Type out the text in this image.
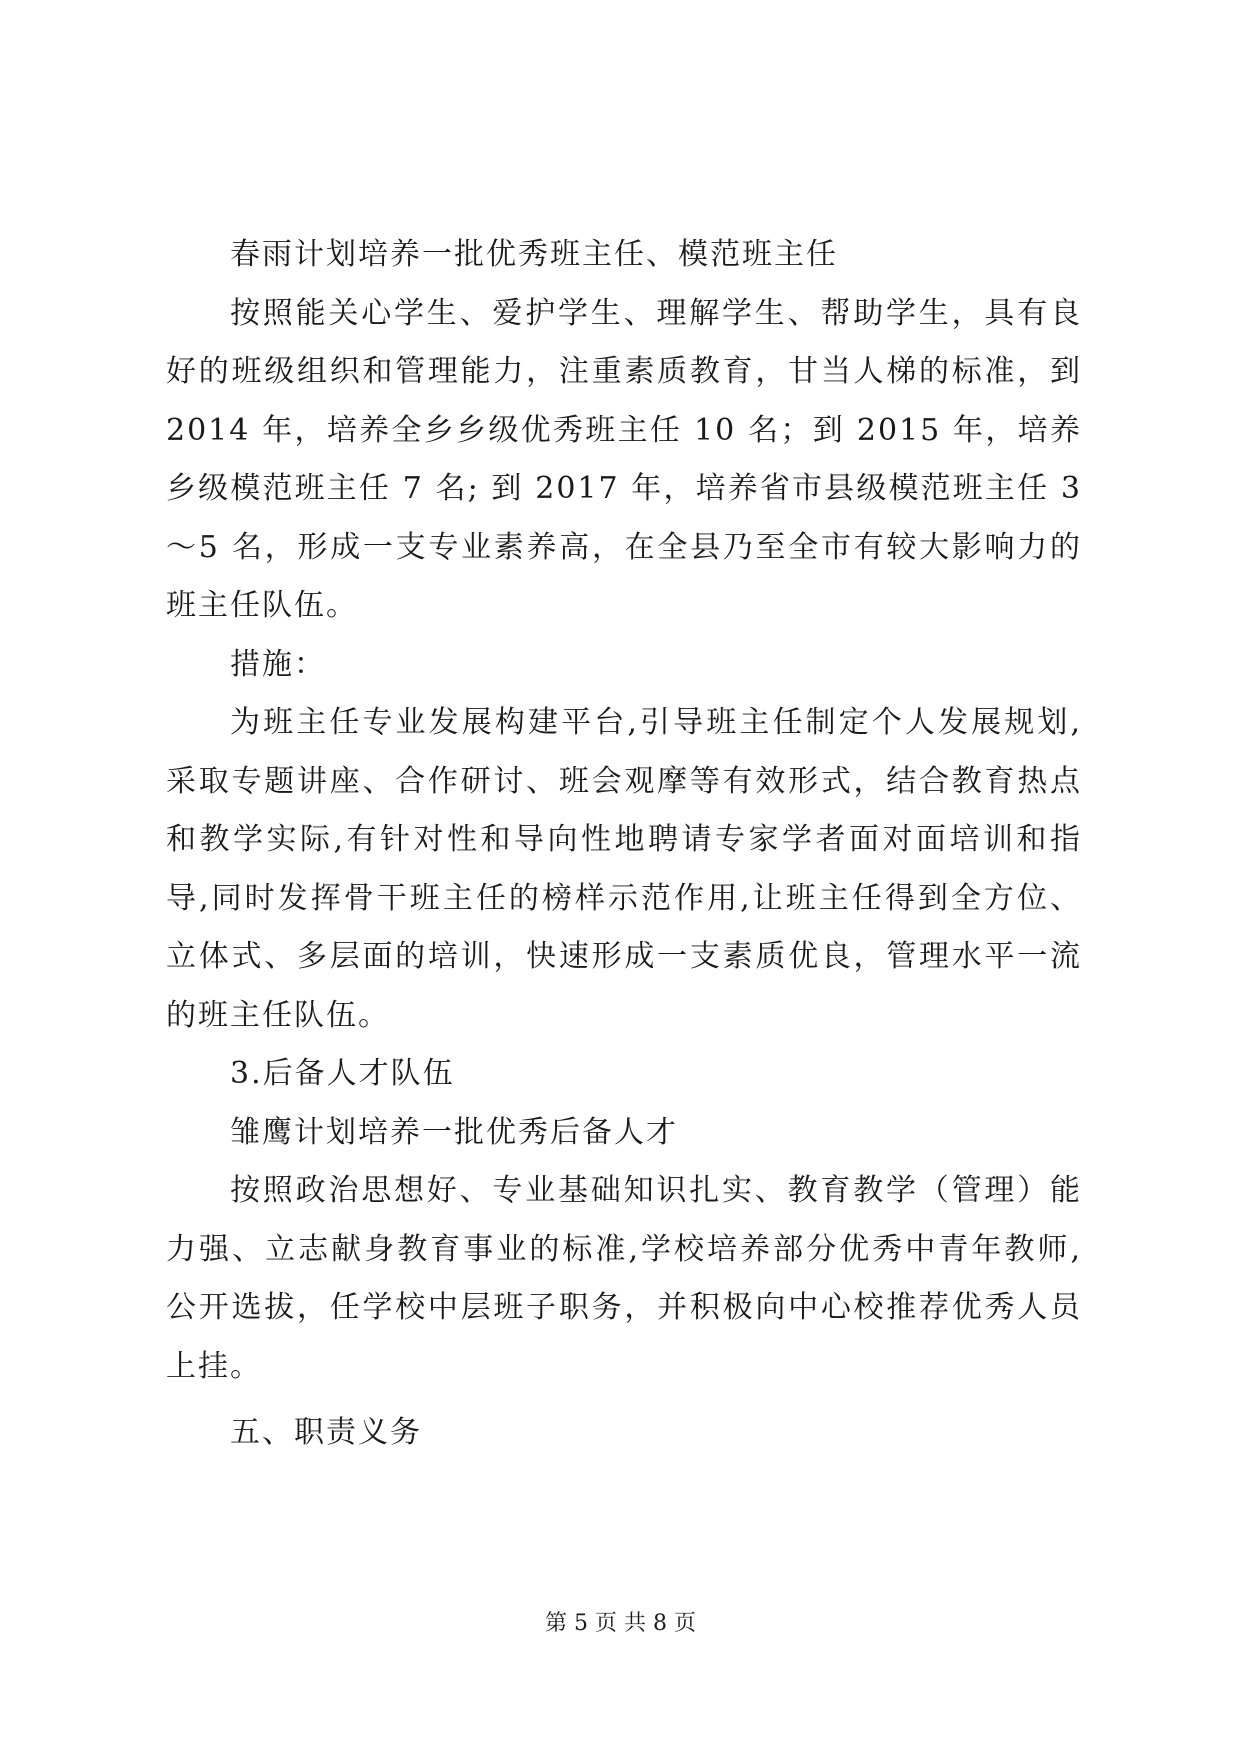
春雨计划培养一批优秀班主任、模范班主任

按照能关心学生、爱护学生、理解学生、帮助学生，具有良好的班级组织和管理能力，注重素质教育，甘当人梯的标准，到 2014 年，培养全乡乡级优秀班主任 10 名；到 2015 年，培养乡级模范班主任 7 名; 到 2017 年，培养省市县级模范班主任 3～5 名，形成一支专业素养高，在全县乃至全市有较大影响力的班主任队伍。

措施：

为班主任专业发展构建平台,引导班主任制定个人发展规划,采取专题讲座、合作研讨、班会观摩等有效形式，结合教育热点和教学实际,有针对性和导向性地聘请专家学者面对面培训和指导,同时发挥骨干班主任的榜样示范作用,让班主任得到全方位、立体式、多层面的培训，快速形成一支素质优良，管理水平一流的班主任队伍。

3.后备人才队伍

雏鹰计划培养一批优秀后备人才

按照政治思想好、专业基础知识扎实、教育教学（管理）能力强、立志献身教育事业的标准,学校培养部分优秀中青年教师,公开选拔，任学校中层班子职务，并积极向中心校推荐优秀人员上挂。

五、职责义务

第 5 页 共 8 页
